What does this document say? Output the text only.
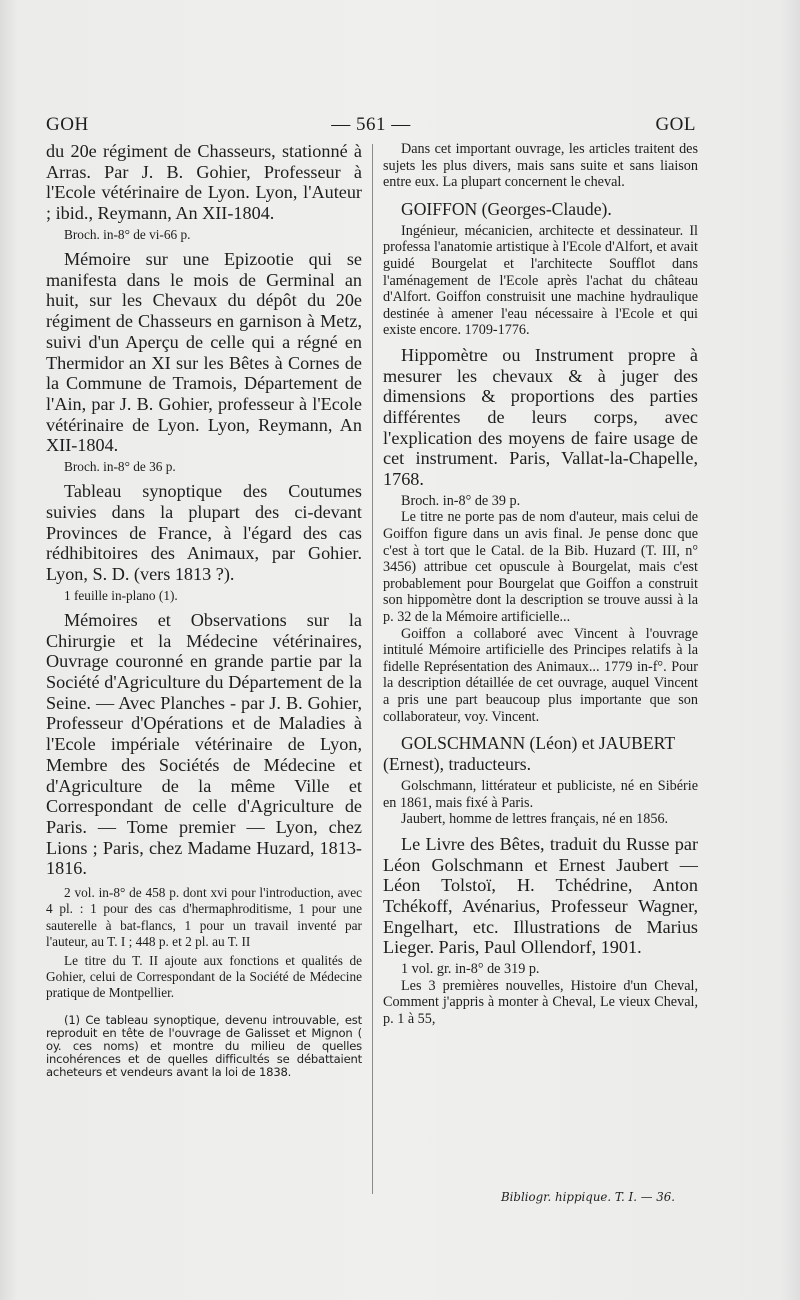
GOH	— 561 —	GOL

du 20e régiment de Chasseurs, stationné à Arras. Par J. B. Gohier, Professeur à l'Ecole vétérinaire de Lyon. Lyon, l'Auteur ; ibid., Reymann, An XII-1804.

Broch. in-8° de vi-66 p.

Mémoire sur une Epizootie qui se manifesta dans le mois de Germinal an huit, sur les Chevaux du dépôt du 20e régiment de Chasseurs en garnison à Metz, suivi d'un Aperçu de celle qui a régné en Thermidor an XI sur les Bêtes à Cornes de la Commune de Tramois, Département de l'Ain, par J. B. Gohier, professeur à l'Ecole vétérinaire de Lyon. Lyon, Reymann, An XII-1804.

Broch. in-8° de 36 p.

Tableau synoptique des Coutumes suivies dans la plupart des ci-devant Provinces de France, à l'égard des cas rédhibitoires des Animaux, par Gohier. Lyon, S. D. (vers 1813 ?).

1 feuille in-plano (1).

Mémoires et Observations sur la Chirurgie et la Médecine vétérinaires, Ouvrage couronné en grande partie par la Société d'Agriculture du Département de la Seine. — Avec Planches - par J. B. Gohier, Professeur d'Opérations et de Maladies à l'Ecole impériale vétérinaire de Lyon, Membre des Sociétés de Médecine et d'Agriculture de la même Ville et Correspondant de celle d'Agriculture de Paris. — Tome premier — Lyon, chez Lions ; Paris, chez Madame Huzard, 1813-1816.

2 vol. in-8° de 458 p. dont xvi pour l'introduction, avec 4 pl. : 1 pour des cas d'hermaphroditisme, 1 pour une sauterelle à bat-flancs, 1 pour un travail inventé par l'auteur, au T. I ; 448 p. et 2 pl. au T. II

Le titre du T. II ajoute aux fonctions et qualités de Gohier, celui de Correspondant de la Société de Médecine pratique de Montpellier.

(1) Ce tableau synoptique, devenu introuvable, est reproduit en tête de l'ouvrage de Galisset et Mignon ( oy. ces noms) et montre du milieu de quelles incohérences et de quelles difficultés se débattaient acheteurs et vendeurs avant la loi de 1838.

Dans cet important ouvrage, les articles traitent des sujets les plus divers, mais sans suite et sans liaison entre eux. La plupart concernent le cheval.

GOIFFON (Georges-Claude).

Ingénieur, mécanicien, architecte et dessinateur. Il professa l'anatomie artistique à l'Ecole d'Alfort, et avait guidé Bourgelat et l'architecte Soufflot dans l'aménagement de l'Ecole après l'achat du château d'Alfort. Goiffon construisit une machine hydraulique destinée à amener l'eau nécessaire à l'Ecole et qui existe encore. 1709-1776.

Hippomètre ou Instrument propre à mesurer les chevaux & à juger des dimensions & proportions des parties différentes de leurs corps, avec l'explication des moyens de faire usage de cet instrument. Paris, Vallat-la-Chapelle, 1768.

Broch. in-8° de 39 p.

Le titre ne porte pas de nom d'auteur, mais celui de Goiffon figure dans un avis final. Je pense donc que c'est à tort que le Catal. de la Bib. Huzard (T. III, n° 3456) attribue cet opuscule à Bourgelat, mais c'est probablement pour Bourgelat que Goiffon a construit son hippomètre dont la description se trouve aussi à la p. 32 de la Mémoire artificielle...

Goiffon a collaboré avec Vincent à l'ouvrage intitulé Mémoire artificielle des Principes relatifs à la fidelle Représentation des Animaux... 1779 in-f°. Pour la description détaillée de cet ouvrage, auquel Vincent a pris une part beaucoup plus importante que son collaborateur, voy. Vincent.

GOLSCHMANN (Léon) et JAUBERT (Ernest), traducteurs.

Golschmann, littérateur et publiciste, né en Sibérie en 1861, mais fixé à Paris.

Jaubert, homme de lettres français, né en 1856.

Le Livre des Bêtes, traduit du Russe par Léon Golschmann et Ernest Jaubert — Léon Tolstoï, H. Tchédrine, Anton Tchékoff, Avénarius, Professeur Wagner, Engelhart, etc. Illustrations de Marius Lieger. Paris, Paul Ollendorf, 1901.

1 vol. gr. in-8° de 319 p.

Les 3 premières nouvelles, Histoire d'un Cheval, Comment j'appris à monter à Cheval, Le vieux Cheval, p. 1 à 55,

Bibliogr. hippique. T. I. — 36.
